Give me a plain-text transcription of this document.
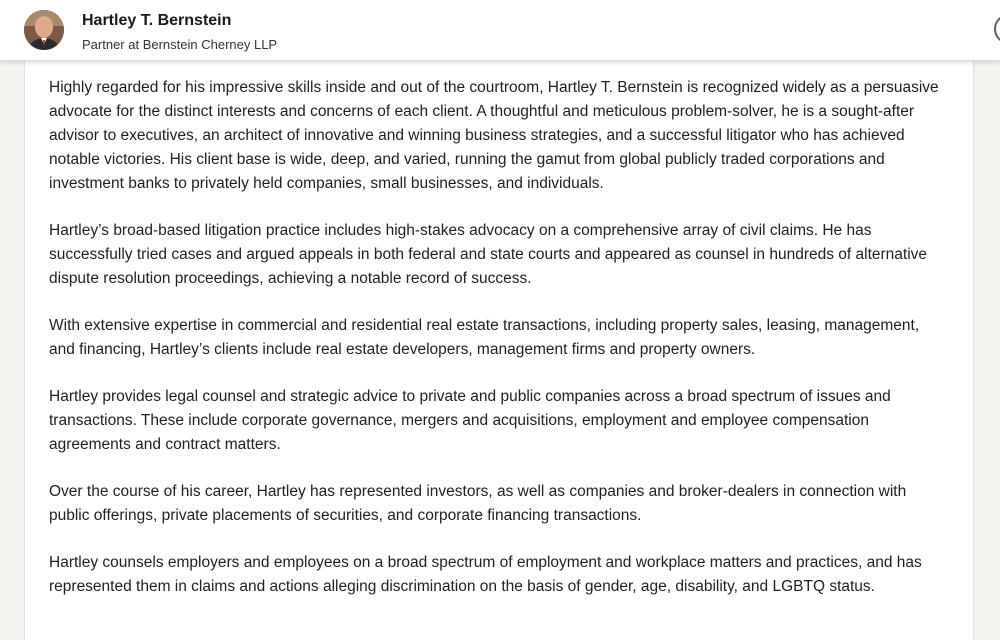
Hartley T. Bernstein
Partner at Bernstein Cherney LLP

Highly regarded for his impressive skills inside and out of the courtroom, Hartley T. Bernstein is recognized widely as a persuasive advocate for the distinct interests and concerns of each client. A thoughtful and meticulous problem-solver, he is a sought-after advisor to executives, an architect of innovative and winning business strategies, and a successful litigator who has achieved notable victories. His client base is wide, deep, and varied, running the gamut from global publicly traded corporations and investment banks to privately held companies, small businesses, and individuals.

Hartley’s broad-based litigation practice includes high-stakes advocacy on a comprehensive array of civil claims. He has successfully tried cases and argued appeals in both federal and state courts and appeared as counsel in hundreds of alternative dispute resolution proceedings, achieving a notable record of success.

With extensive expertise in commercial and residential real estate transactions, including property sales, leasing, management, and financing, Hartley’s clients include real estate developers, management firms and property owners.

Hartley provides legal counsel and strategic advice to private and public companies across a broad spectrum of issues and transactions. These include corporate governance, mergers and acquisitions, employment and employee compensation agreements and contract matters.

Over the course of his career, Hartley has represented investors, as well as companies and broker-dealers in connection with public offerings, private placements of securities, and corporate financing transactions.

Hartley counsels employers and employees on a broad spectrum of employment and workplace matters and practices, and has represented them in claims and actions alleging discrimination on the basis of gender, age, disability, and LGBTQ status.
